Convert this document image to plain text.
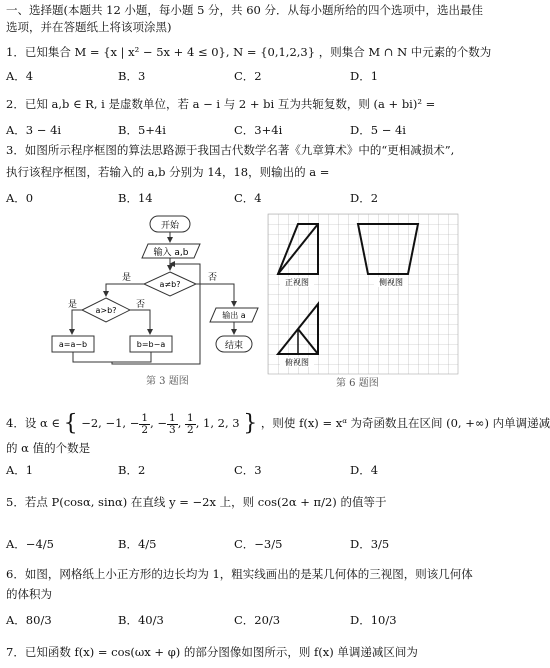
一、选择题(本题共 12 小题，每小题 5 分，共 60 分．从每小题所给的四个选项中，选出最佳
选项，并在答题纸上将该项涂黑)
1．已知集合 M = {x | x² − 5x + 4 ≤ 0}, N = {0,1,2,3} ，则集合 M ∩ N 中元素的个数为
A．4	B．3	C．2	D．1
2．已知 a,b ∈ R, i 是虚数单位，若 a − i 与 2 + bi 互为共轭复数，则 (a + bi)² =
A．3 − 4i	B．5+4i	C．3+4i	D．5 − 4i
3．如图所示程序框图的算法思路源于我国古代数学名著《九章算术》中的“更相减损术”,
执行该程序框图，若输入的 a,b 分别为 14，18，则输出的 a =
A．0	B．14	C．4	D．2
开始
输入 a,b
a≠b?
是	否
a>b?
是	否
a=a−b	b=b−a
输出 a
结束
第 3 题图
正视图	侧视图
俯视图
第 6 题图
4．设 α ∈ { −2, −1, − $\frac{1}{2}$ , − $\frac{1}{3}$ , $\frac{1}{2}$ , 1, 2, 3 } ，则使 f(x) = xᵅ 为奇函数且在区间 (0, +∞) 内单调递减
的 α 值的个数是
A．1	B．2	C．3	D．4
5．若点 P(cosα, sinα) 在直线 y = −2x 上，则 cos(2α + π/2) 的值等于
A．−4/5	B．4/5	C．−3/5	D．3/5
6．如图，网格纸上小正方形的边长均为 1，粗实线画出的是某几何体的三视图，则该几何体
的体积为
A．80/3	B．40/3	C．20/3	D．10/3
7．已知函数 f(x) = cos(ωx + φ) 的部分图像如图所示，则 f(x) 单调递减区间为
